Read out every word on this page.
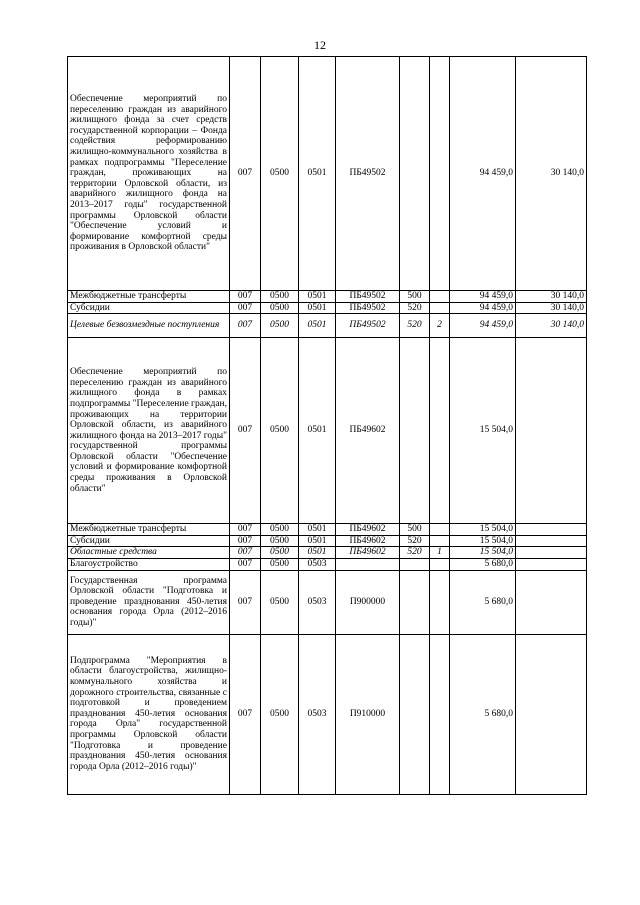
12
Обеспечение мероприятий по переселению граждан из аварийного жилищного фонда за счет средств государственной корпорации – Фонда содействия реформированию жилищно-коммунального хозяйства в рамках подпрограммы "Переселение граждан, проживающих на территории Орловской области, из аварийного жилищного фонда на 2013–2017 годы" государственной программы Орловской области "Обеспечение условий и формирование комфортной среды проживания в Орловской области"	007	0500	0501	ПБ49502			94 459,0	30 140,0
Межбюджетные трансферты	007	0500	0501	ПБ49502	500		94 459,0	30 140,0
Субсидии	007	0500	0501	ПБ49502	520		94 459,0	30 140,0
Целевые безвозмездные поступления	007	0500	0501	ПБ49502	520	2	94 459,0	30 140,0
Обеспечение мероприятий по переселению граждан из аварийного жилищного фонда в рамках подпрограммы "Переселение граждан, проживающих на территории Орловской области, из аварийного жилищного фонда на 2013–2017 годы" государственной программы Орловской области "Обеспечение условий и формирование комфортной среды проживания в Орловской области"	007	0500	0501	ПБ49602			15 504,0	
Межбюджетные трансферты	007	0500	0501	ПБ49602	500		15 504,0	
Субсидии	007	0500	0501	ПБ49602	520		15 504,0	
Областные средства	007	0500	0501	ПБ49602	520	1	15 504,0	
Благоустройство	007	0500	0503				5 680,0	
Государственная программа Орловской области "Подготовка и проведение празднования 450-летия основания города Орла (2012–2016 годы)"	007	0500	0503	П900000			5 680,0	
Подпрограмма "Мероприятия в области благоустройства, жилищно-коммунального хозяйства и дорожного строительства, связанные с подготовкой и проведением празднования 450-летия основания города Орла" государственной программы Орловской области "Подготовка и проведение празднования 450-летия основания города Орла (2012–2016 годы)"	007	0500	0503	П910000			5 680,0	
